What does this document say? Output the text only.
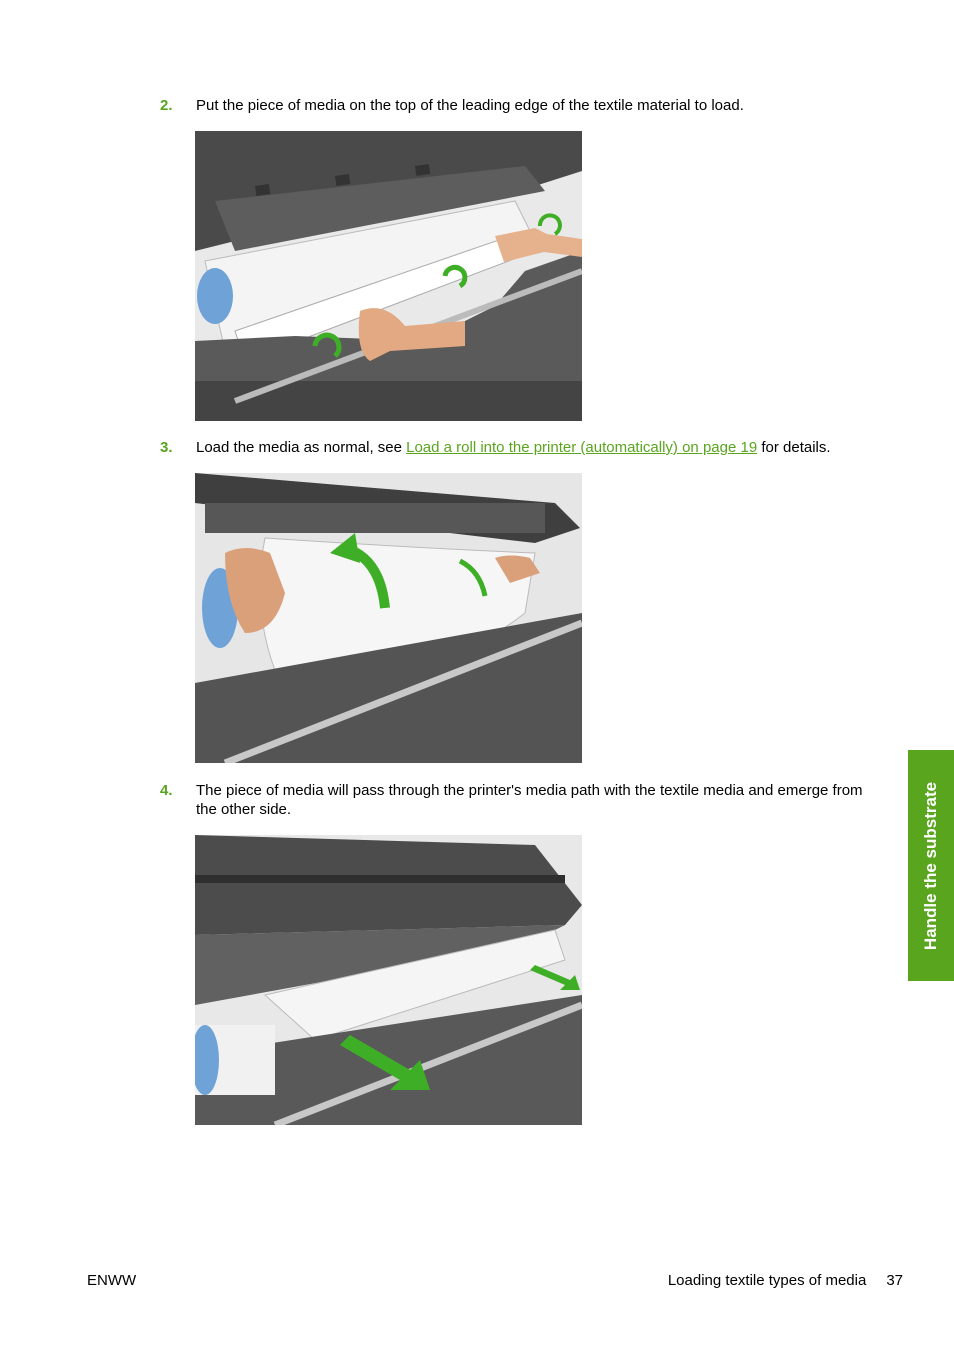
2. Put the piece of media on the top of the leading edge of the textile material to load.
3. Load the media as normal, see Load a roll into the printer (automatically) on page 19 for details.
4. The piece of media will pass through the printer's media path with the textile media and emerge from the other side.	Handle the substrate
ENWW	Loading textile types of media 37
